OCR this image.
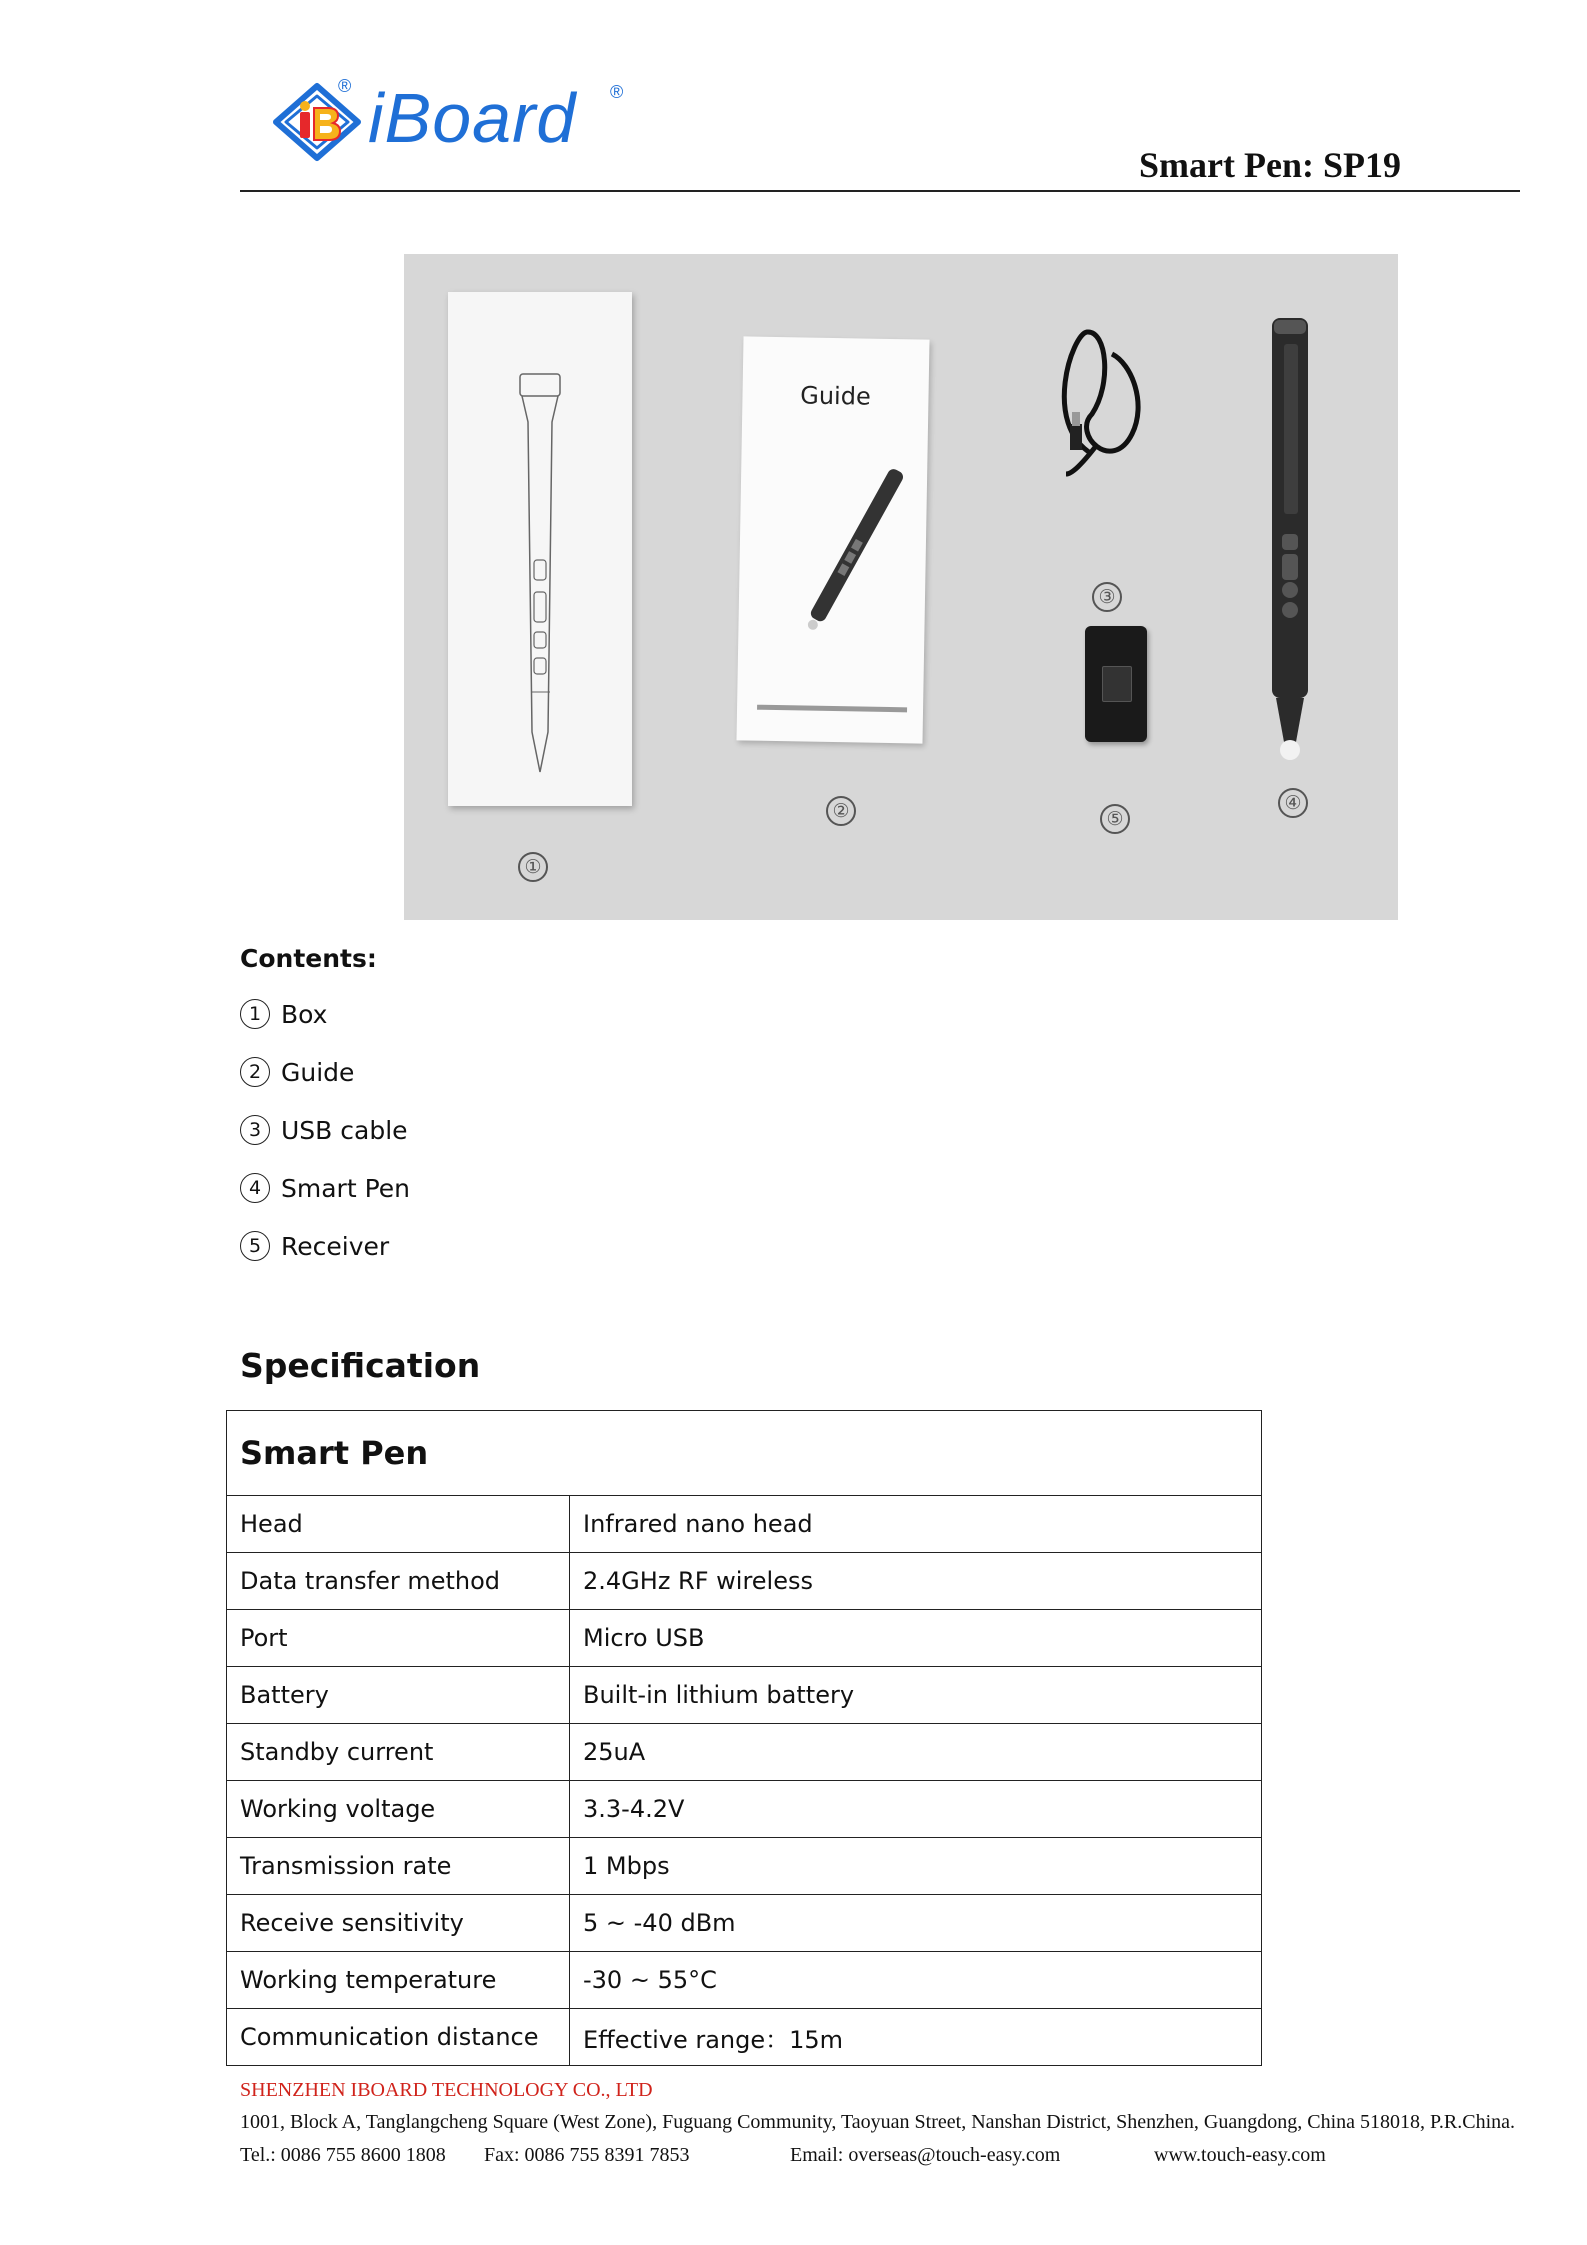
® iBoard ®
Smart Pen: SP19
Guide
①
②
③
④
⑤
Contents:
1 Box
2 Guide
3 USB cable
4 Smart Pen
5 Receiver
Specification
Smart Pen	
Head	Infrared nano head
Data transfer method	2.4GHz RF wireless
Port	Micro USB
Battery	Built-in lithium battery
Standby current	25uA
Working voltage	3.3-4.2V
Transmission rate	1 Mbps
Receive sensitivity	5 ~ -40 dBm
Working temperature	-30 ~ 55°C
Communication distance	Effective range：15m
SHENZHEN IBOARD TECHNOLOGY CO., LTD
1001, Block A, Tanglangcheng Square (West Zone), Fuguang Community, Taoyuan Street, Nanshan District, Shenzhen, Guangdong, China 518018, P.R.China.
Tel.: 0086 755 8600 1808 Fax: 0086 755 8391 7853	Email: overseas@touch-easy.com	www.touch-easy.com
